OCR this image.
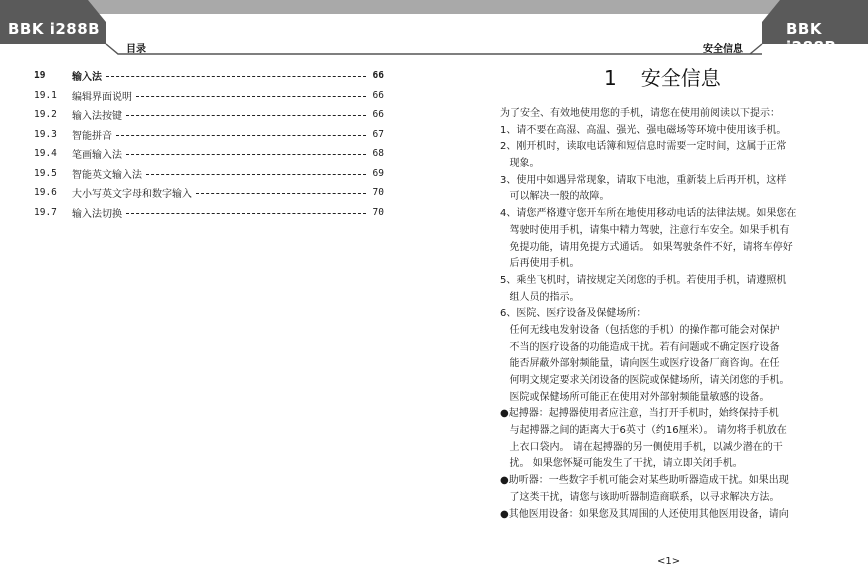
BBK i288B	BBK i288B
目录	安全信息
19	输入法	66
19.1	编辑界面说明	66
19.2	输入法按键	66
19.3	智能拼音	67
19.4	笔画输入法	68
19.5	智能英文输入法	69
19.6	大小写英文字母和数字输入	70
19.7	输入法切换	70
1 安全信息
为了安全、有效地使用您的手机，请您在使用前阅读以下提示：
1、请不要在高湿、高温、强光、强电磁场等环境中使用该手机。
2、刚开机时，读取电话簿和短信息时需要一定时间，这属于正常
现象。
3、使用中如遇异常现象，请取下电池，重新装上后再开机，这样
可以解决一般的故障。
4、请您严格遵守您开车所在地使用移动电话的法律法规。如果您在
驾驶时使用手机，请集中精力驾驶，注意行车安全。如果手机有
免提功能，请用免提方式通话。 如果驾驶条件不好，请将车停好
后再使用手机。
5、乘坐飞机时，请按规定关闭您的手机。若使用手机，请遵照机
组人员的指示。
6、医院、医疗设备及保健场所：
任何无线电发射设备（包括您的手机）的操作都可能会对保护
不当的医疗设备的功能造成干扰。若有问题或不确定医疗设备
能否屏蔽外部射频能量，请向医生或医疗设备厂商咨询。在任
何明文规定要求关闭设备的医院或保健场所，请关闭您的手机。
医院或保健场所可能正在使用对外部射频能量敏感的设备。
●起搏器：起搏器使用者应注意，当打开手机时，始终保持手机
与起搏器之间的距离大于6英寸（约16厘米）。 请勿将手机放在
上衣口袋内。 请在起搏器的另一侧使用手机，以减少潜在的干
扰。 如果您怀疑可能发生了干扰，请立即关闭手机。
●助听器：一些数字手机可能会对某些助听器造成干扰。如果出现
了这类干扰，请您与该助听器制造商联系，以寻求解决方法。
●其他医用设备：如果您及其周围的人还使用其他医用设备，请向
<1>
